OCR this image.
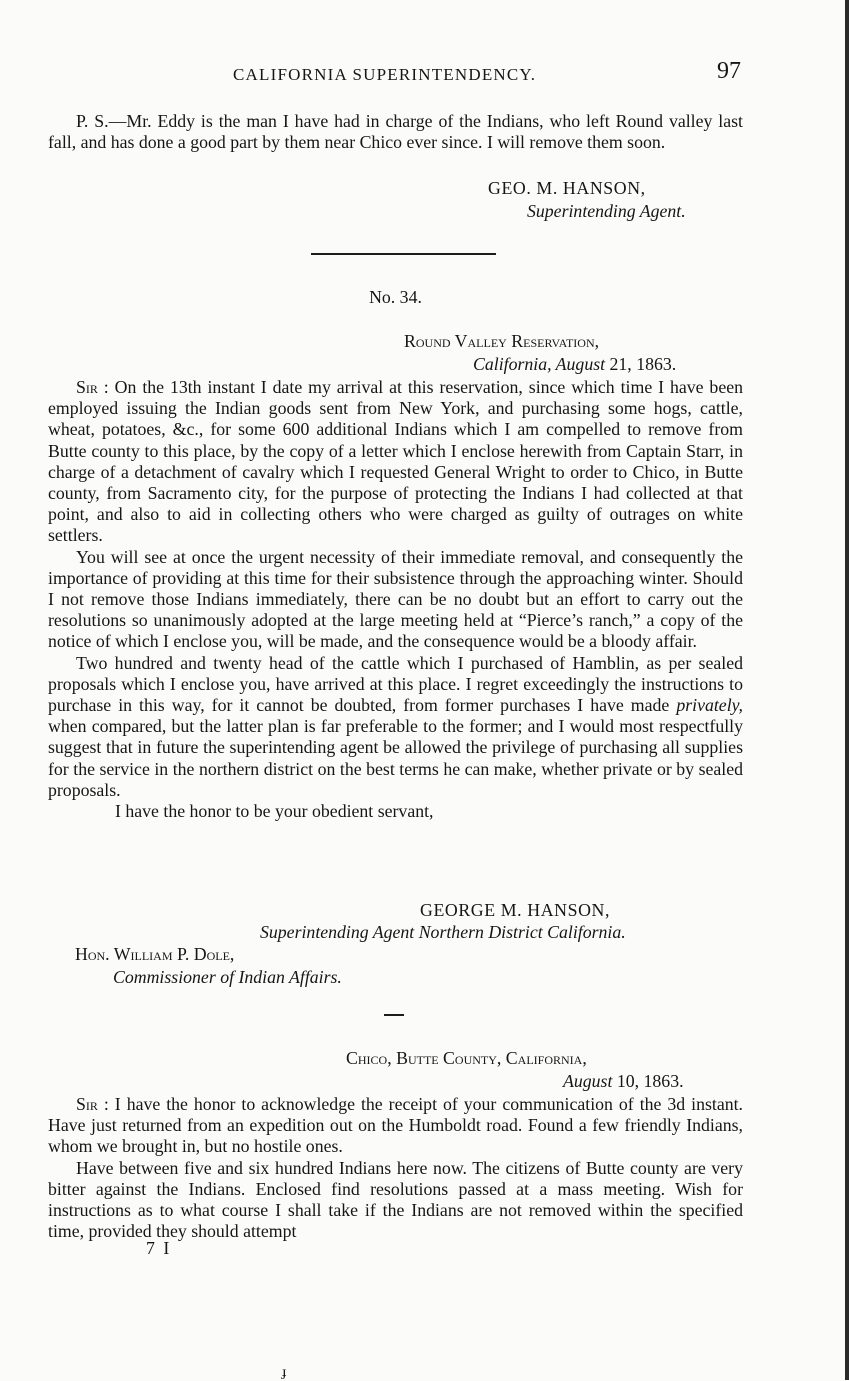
CALIFORNIA SUPERINTENDENCY.	97

P. S.—Mr. Eddy is the man I have had in charge of the Indians, who left Round valley last fall, and has done a good part by them near Chico ever since. I will remove them soon.

GEO. M. HANSON,
Superintending Agent.
No. 34.
Round Valley Reservation,
California, August 21, 1863.

Sir : On the 13th instant I date my arrival at this reservation, since which time I have been employed issuing the Indian goods sent from New York, and purchasing some hogs, cattle, wheat, potatoes, &c., for some 600 additional Indians which I am compelled to remove from Butte county to this place, by the copy of a letter which I enclose herewith from Captain Starr, in charge of a detachment of cavalry which I requested General Wright to order to Chico, in Butte county, from Sacramento city, for the purpose of protecting the Indians I had collected at that point, and also to aid in collecting others who were charged as guilty of outrages on white settlers.

You will see at once the urgent necessity of their immediate removal, and consequently the importance of providing at this time for their subsistence through the approaching winter. Should I not remove those Indians immediately, there can be no doubt but an effort to carry out the resolutions so unanimously adopted at the large meeting held at “Pierce’s ranch,” a copy of the notice of which I enclose you, will be made, and the consequence would be a bloody affair.

Two hundred and twenty head of the cattle which I purchased of Hamblin, as per sealed proposals which I enclose you, have arrived at this place. I regret exceedingly the instructions to purchase in this way, for it cannot be doubted, from former purchases I have made privately, when compared, but the latter plan is far preferable to the former; and I would most respectfully suggest that in future the superintending agent be allowed the privilege of purchasing all supplies for the service in the northern district on the best terms he can make, whether private or by sealed proposals.

I have the honor to be your obedient servant,

GEORGE M. HANSON,
Superintending Agent Northern District California.
Hon. William P. Dole,
Commissioner of Indian Affairs.
Chico, Butte County, California,
August 10, 1863.

Sir : I have the honor to acknowledge the receipt of your communication of the 3d instant. Have just returned from an expedition out on the Humboldt road. Found a few friendly Indians, whom we brought in, but no hostile ones.

Have between five and six hundred Indians here now. The citizens of Butte county are very bitter against the Indians. Enclosed find resolutions passed at a mass meeting. Wish for instructions as to what course I shall take if the Indians are not removed within the specified time, provided they should attempt

7 I
ɟ
